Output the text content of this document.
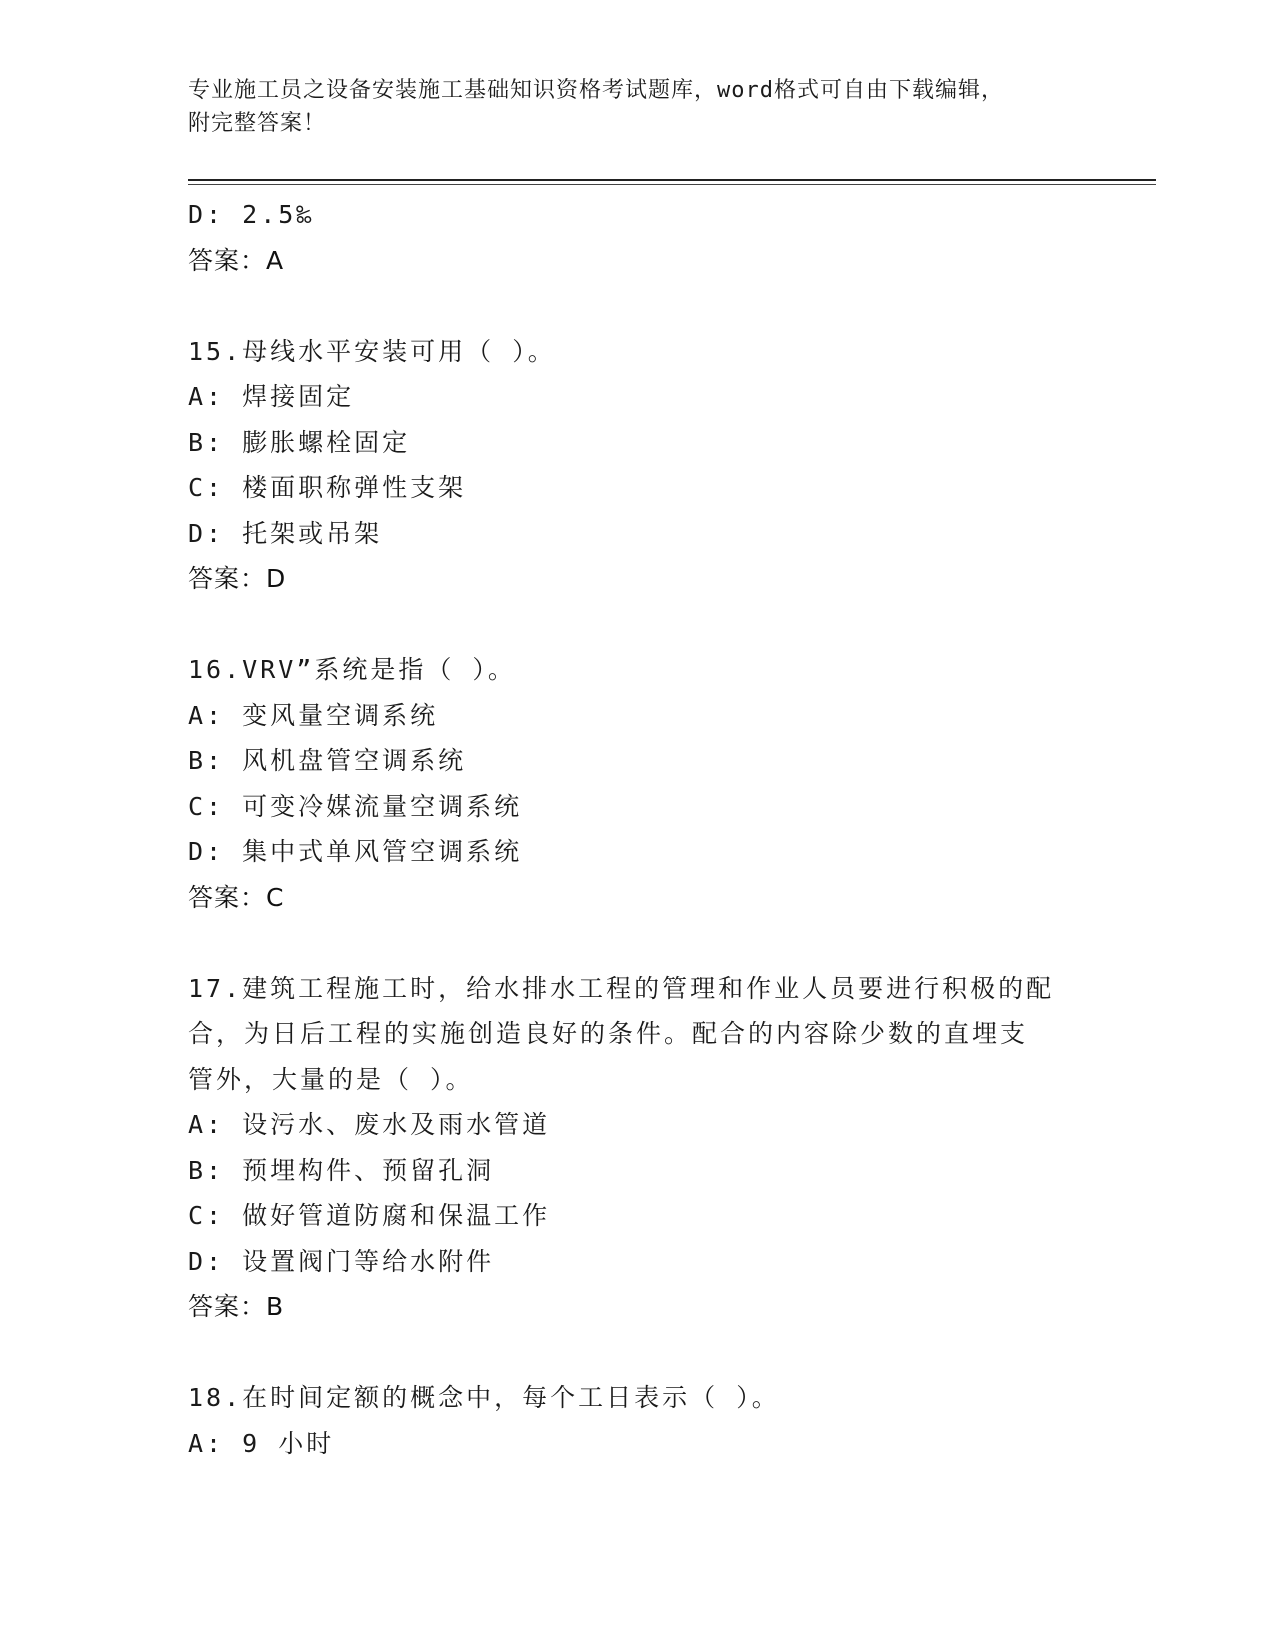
专业施工员之设备安装施工基础知识资格考试题库，word格式可自由下载编辑，
附完整答案！
D: 2.5‰
答案：A
15.母线水平安装可用（ ）。
A: 焊接固定
B: 膨胀螺栓固定
C: 楼面职称弹性支架
D: 托架或吊架
答案：D
16.VRV”系统是指（ ）。
A: 变风量空调系统
B: 风机盘管空调系统
C: 可变冷媒流量空调系统
D: 集中式单风管空调系统
答案：C
17.建筑工程施工时，给水排水工程的管理和作业人员要进行积极的配
合，为日后工程的实施创造良好的条件。配合的内容除少数的直埋支
管外，大量的是（ ）。
A: 设污水、废水及雨水管道
B: 预埋构件、预留孔洞
C: 做好管道防腐和保温工作
D: 设置阀门等给水附件
答案：B
18.在时间定额的概念中，每个工日表示（ ）。
A: 9 小时
